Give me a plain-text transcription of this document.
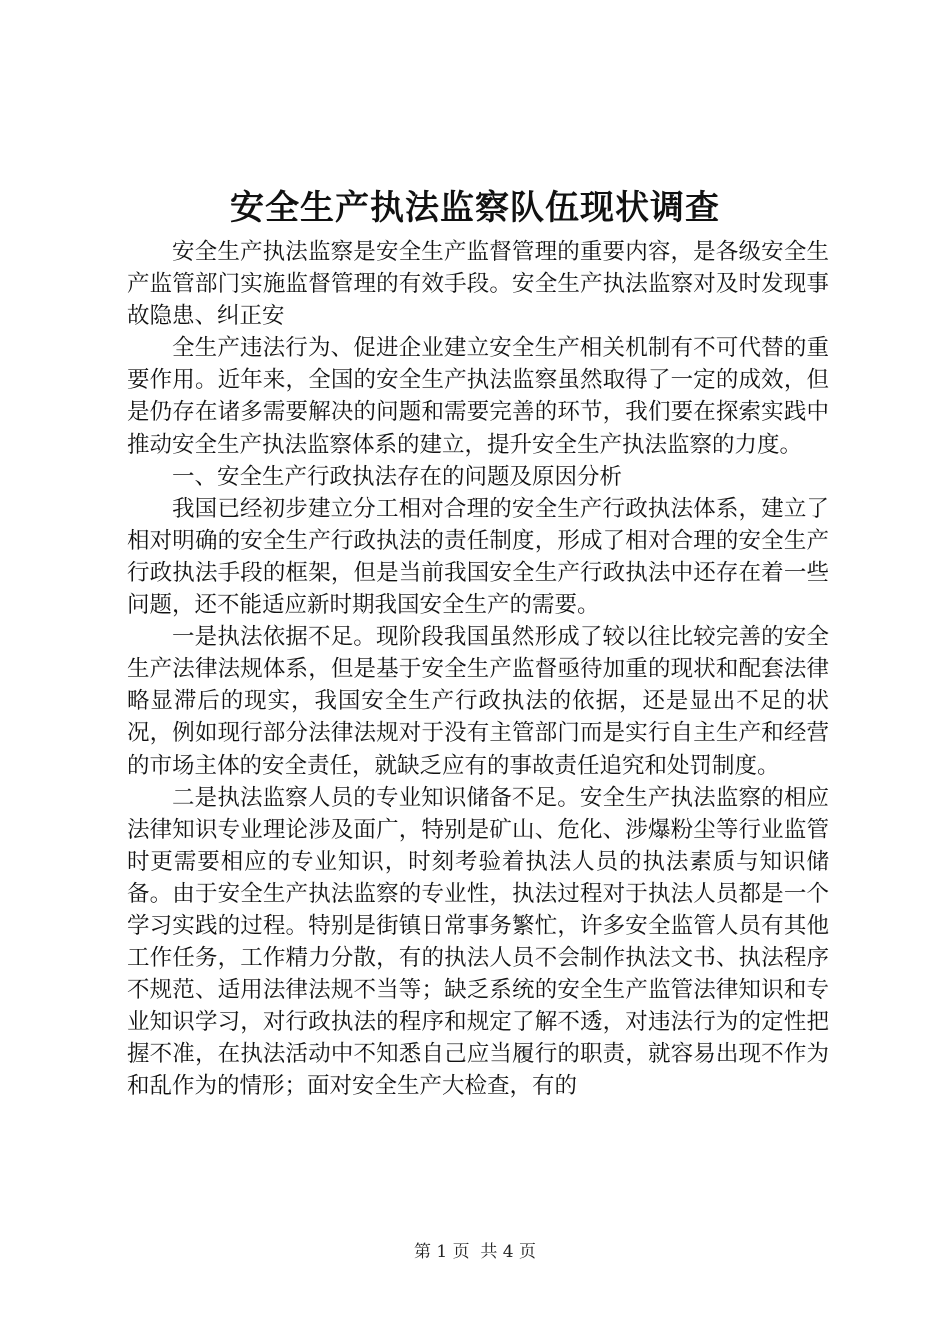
安全生产执法监察队伍现状调查

安全生产执法监察是安全生产监督管理的重要内容，是各级安全生产监管部门实施监督管理的有效手段。安全生产执法监察对及时发现事故隐患、纠正安

全生产违法行为、促进企业建立安全生产相关机制有不可代替的重要作用。近年来，全国的安全生产执法监察虽然取得了一定的成效，但是仍存在诸多需要解决的问题和需要完善的环节，我们要在探索实践中推动安全生产执法监察体系的建立，提升安全生产执法监察的力度。

一、安全生产行政执法存在的问题及原因分析

我国已经初步建立分工相对合理的安全生产行政执法体系，建立了相对明确的安全生产行政执法的责任制度，形成了相对合理的安全生产行政执法手段的框架，但是当前我国安全生产行政执法中还存在着一些问题，还不能适应新时期我国安全生产的需要。

一是执法依据不足。现阶段我国虽然形成了较以往比较完善的安全生产法律法规体系，但是基于安全生产监督亟待加重的现状和配套法律略显滞后的现实，我国安全生产行政执法的依据，还是显出不足的状况，例如现行部分法律法规对于没有主管部门而是实行自主生产和经营的市场主体的安全责任，就缺乏应有的事故责任追究和处罚制度。

二是执法监察人员的专业知识储备不足。安全生产执法监察的相应法律知识专业理论涉及面广，特别是矿山、危化、涉爆粉尘等行业监管时更需要相应的专业知识，时刻考验着执法人员的执法素质与知识储备。由于安全生产执法监察的专业性，执法过程对于执法人员都是一个学习实践的过程。特别是街镇日常事务繁忙，许多安全监管人员有其他工作任务，工作精力分散，有的执法人员不会制作执法文书、执法程序不规范、适用法律法规不当等；缺乏系统的安全生产监管法律知识和专业知识学习，对行政执法的程序和规定了解不透，对违法行为的定性把握不准，在执法活动中不知悉自己应当履行的职责，就容易出现不作为和乱作为的情形；面对安全生产大检查，有的

第 1 页  共 4 页
